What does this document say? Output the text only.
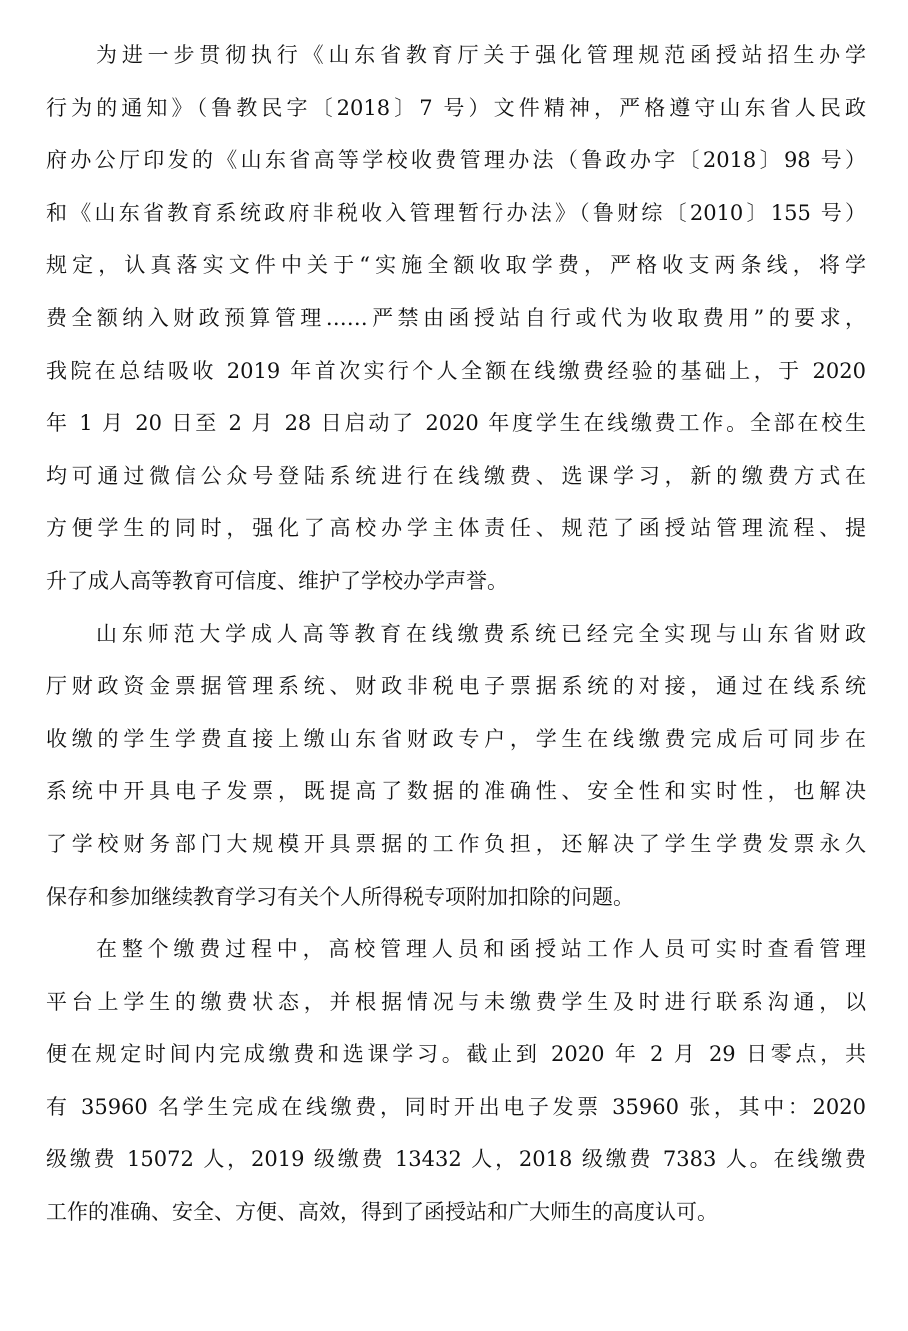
为进一步贯彻执行《山东省教育厅关于强化管理规范函授站招生办学
行为的通知》（鲁教民字〔2018〕7 号）文件精神，严格遵守山东省人民政
府办公厅印发的《山东省高等学校收费管理办法（鲁政办字〔2018〕98 号）
和《山东省教育系统政府非税收入管理暂行办法》（鲁财综〔2010〕155 号）
规定，认真落实文件中关于“实施全额收取学费，严格收支两条线，将学
费全额纳入财政预算管理……严禁由函授站自行或代为收取费用”的要求，
我院在总结吸收 2019 年首次实行个人全额在线缴费经验的基础上，于 2020
年 1 月 20 日至 2 月 28 日启动了 2020 年度学生在线缴费工作。全部在校生
均可通过微信公众号登陆系统进行在线缴费、选课学习，新的缴费方式在
方便学生的同时，强化了高校办学主体责任、规范了函授站管理流程、提
升了成人高等教育可信度、维护了学校办学声誉。
山东师范大学成人高等教育在线缴费系统已经完全实现与山东省财政
厅财政资金票据管理系统、财政非税电子票据系统的对接，通过在线系统
收缴的学生学费直接上缴山东省财政专户，学生在线缴费完成后可同步在
系统中开具电子发票，既提高了数据的准确性、安全性和实时性，也解决
了学校财务部门大规模开具票据的工作负担，还解决了学生学费发票永久
保存和参加继续教育学习有关个人所得税专项附加扣除的问题。
在整个缴费过程中，高校管理人员和函授站工作人员可实时查看管理
平台上学生的缴费状态，并根据情况与未缴费学生及时进行联系沟通，以
便在规定时间内完成缴费和选课学习。截止到 2020 年 2 月 29 日零点，共
有 35960 名学生完成在线缴费，同时开出电子发票 35960 张，其中：2020
级缴费 15072 人，2019 级缴费 13432 人，2018 级缴费 7383 人。在线缴费
工作的准确、安全、方便、高效，得到了函授站和广大师生的高度认可。
